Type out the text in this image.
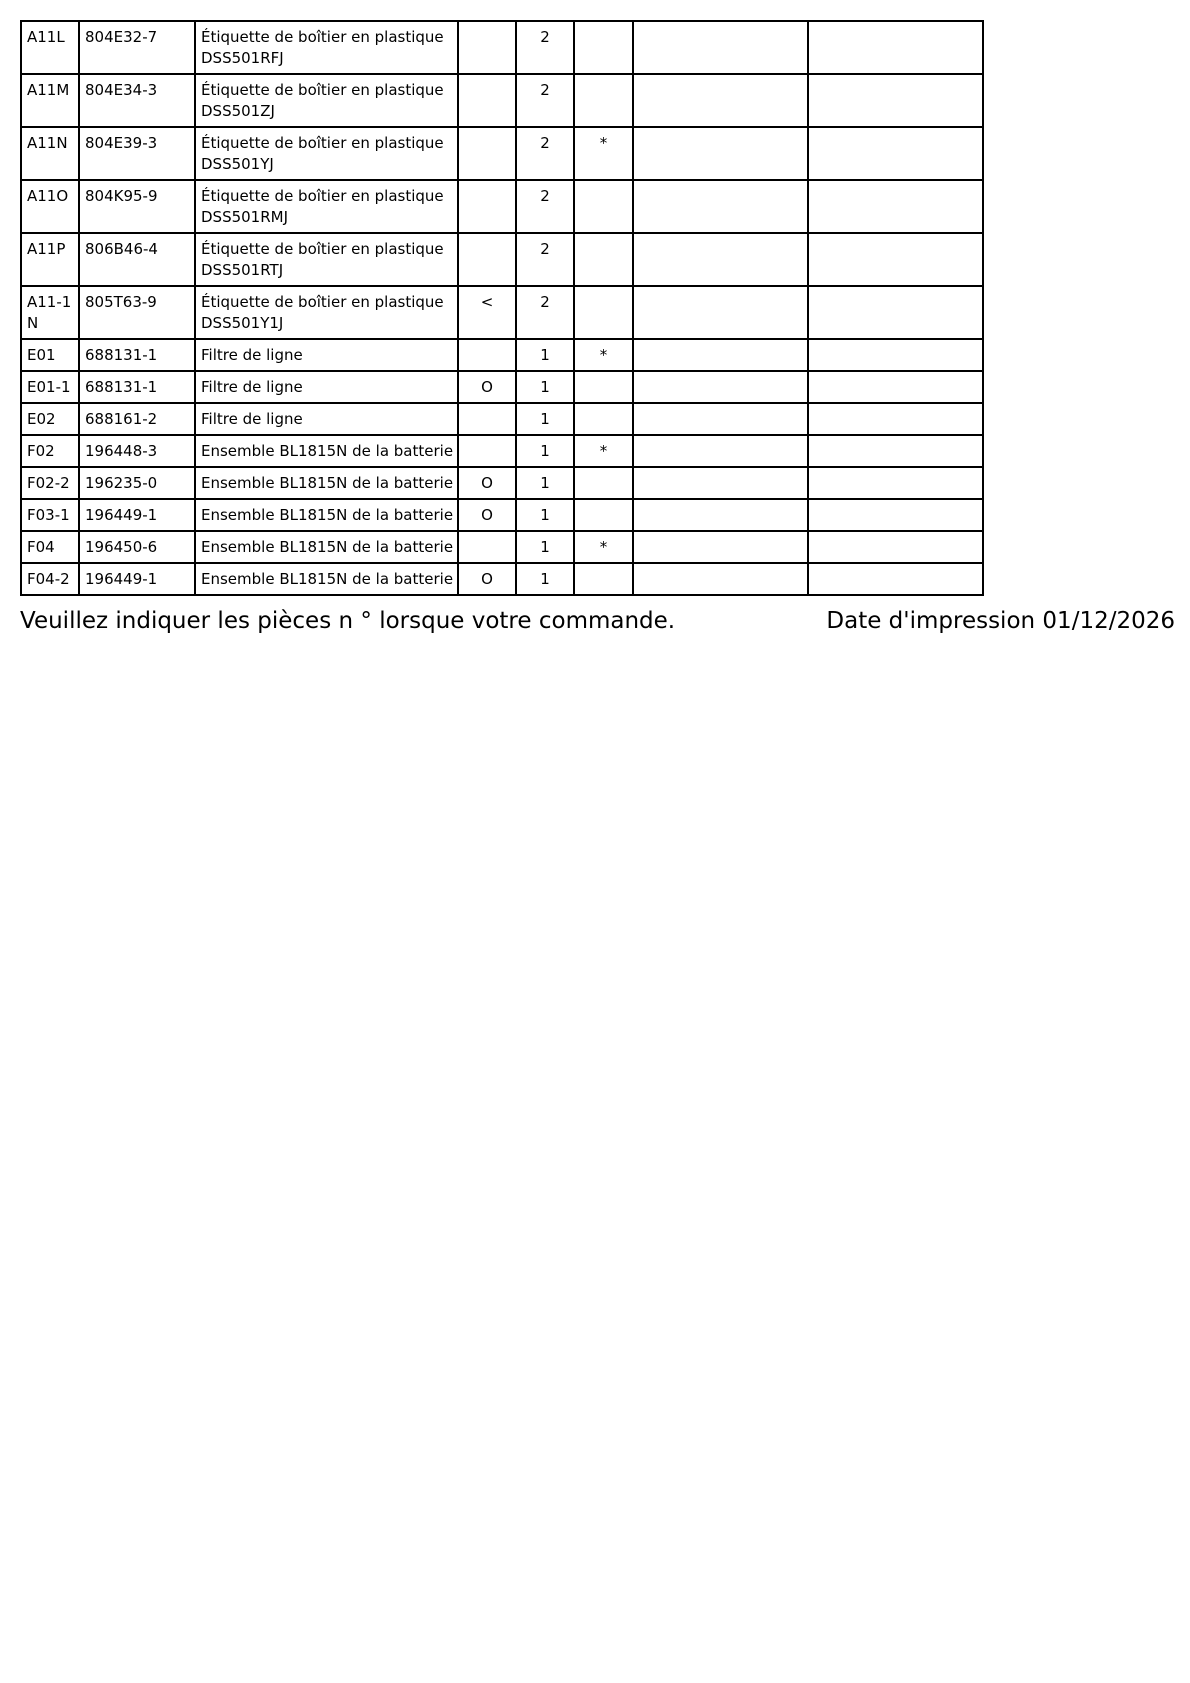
A11L	804E32-7	Étiquette de boîtier en plastique
DSS501RFJ		2			
A11M	804E34-3	Étiquette de boîtier en plastique
DSS501ZJ		2			
A11N	804E39-3	Étiquette de boîtier en plastique
DSS501YJ		2	*		
A11O	804K95-9	Étiquette de boîtier en plastique
DSS501RMJ		2			
A11P	806B46-4	Étiquette de boîtier en plastique
DSS501RTJ		2			
A11-1N	805T63-9	Étiquette de boîtier en plastique
DSS501Y1J	<	2			
E01	688131-1	Filtre de ligne		1	*		
E01-1	688131-1	Filtre de ligne	O	1			
E02	688161-2	Filtre de ligne		1			
F02	196448-3	Ensemble BL1815N de la batterie		1	*		
F02-2	196235-0	Ensemble BL1815N de la batterie	O	1			
F03-1	196449-1	Ensemble BL1815N de la batterie	O	1			
F04	196450-6	Ensemble BL1815N de la batterie		1	*		
F04-2	196449-1	Ensemble BL1815N de la batterie	O	1			
Veuillez indiquer les pièces n ° lorsque votre commande.	Date d'impression 01/12/2026
